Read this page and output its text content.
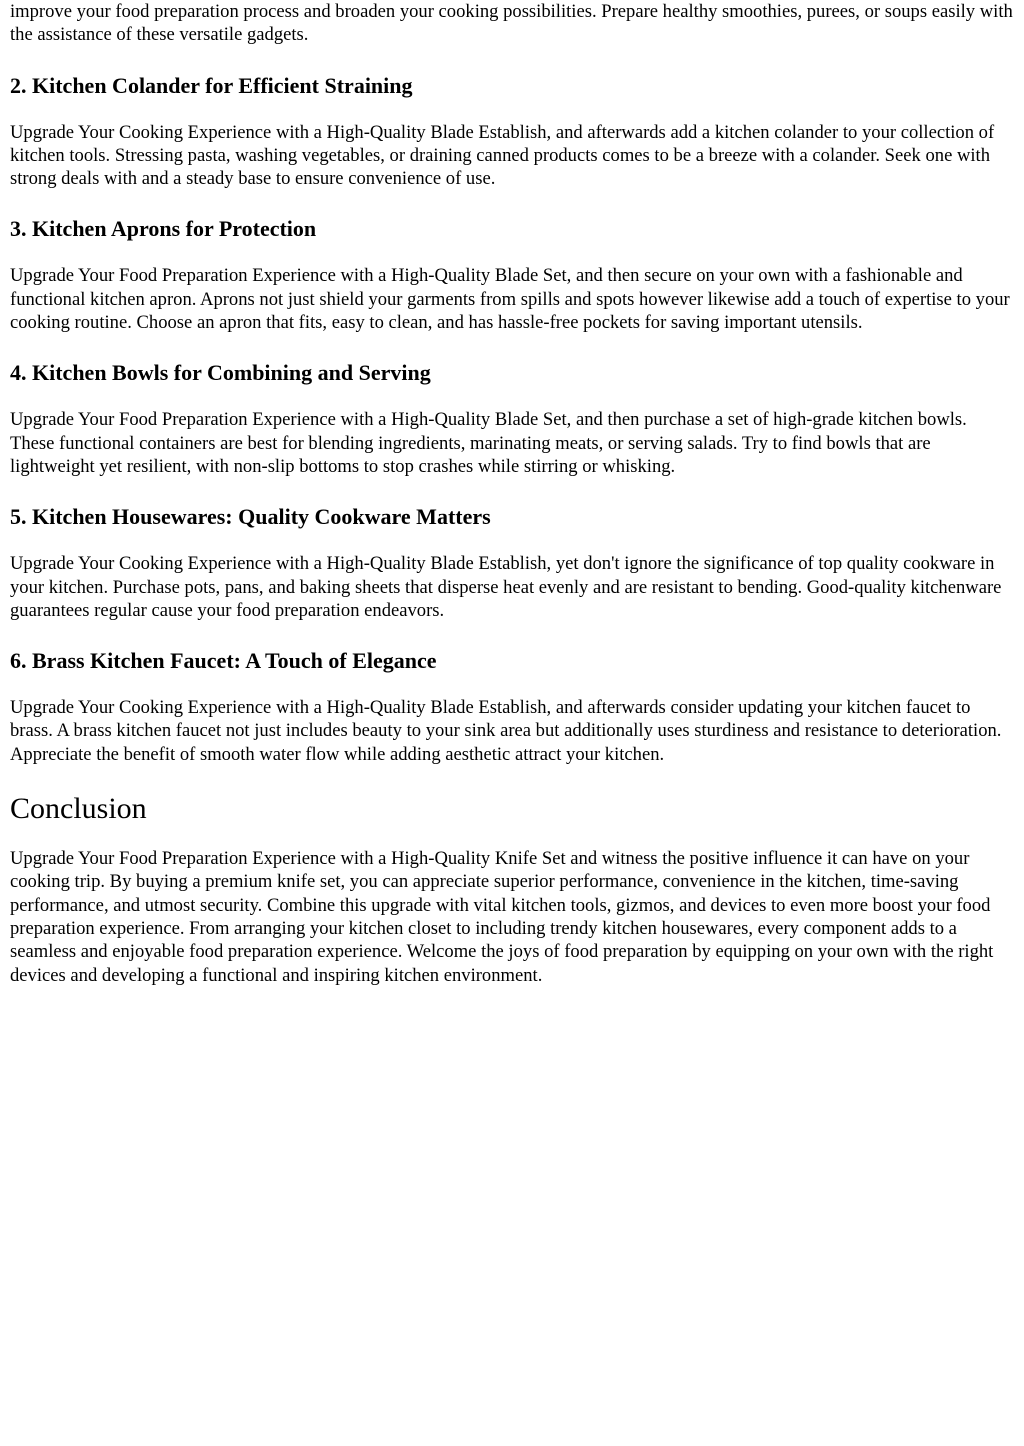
improve your food preparation process and broaden your cooking possibilities. Prepare healthy smoothies, purees, or soups easily with the assistance of these versatile gadgets.

2. Kitchen Colander for Efficient Straining

Upgrade Your Cooking Experience with a High-Quality Blade Establish, and afterwards add a kitchen colander to your collection of kitchen tools. Stressing pasta, washing vegetables, or draining canned products comes to be a breeze with a colander. Seek one with strong deals with and a steady base to ensure convenience of use.

3. Kitchen Aprons for Protection

Upgrade Your Food Preparation Experience with a High-Quality Blade Set, and then secure on your own with a fashionable and functional kitchen apron. Aprons not just shield your garments from spills and spots however likewise add a touch of expertise to your cooking routine. Choose an apron that fits, easy to clean, and has hassle-free pockets for saving important utensils.

4. Kitchen Bowls for Combining and Serving

Upgrade Your Food Preparation Experience with a High-Quality Blade Set, and then purchase a set of high-grade kitchen bowls. These functional containers are best for blending ingredients, marinating meats, or serving salads. Try to find bowls that are lightweight yet resilient, with non-slip bottoms to stop crashes while stirring or whisking.

5. Kitchen Housewares: Quality Cookware Matters

Upgrade Your Cooking Experience with a High-Quality Blade Establish, yet don't ignore the significance of top quality cookware in your kitchen. Purchase pots, pans, and baking sheets that disperse heat evenly and are resistant to bending. Good-quality kitchenware guarantees regular cause your food preparation endeavors.

6. Brass Kitchen Faucet: A Touch of Elegance

Upgrade Your Cooking Experience with a High-Quality Blade Establish, and afterwards consider updating your kitchen faucet to brass. A brass kitchen faucet not just includes beauty to your sink area but additionally uses sturdiness and resistance to deterioration. Appreciate the benefit of smooth water flow while adding aesthetic attract your kitchen.

Conclusion

Upgrade Your Food Preparation Experience with a High-Quality Knife Set and witness the positive influence it can have on your cooking trip. By buying a premium knife set, you can appreciate superior performance, convenience in the kitchen, time-saving performance, and utmost security. Combine this upgrade with vital kitchen tools, gizmos, and devices to even more boost your food preparation experience. From arranging your kitchen closet to including trendy kitchen housewares, every component adds to a seamless and enjoyable food preparation experience. Welcome the joys of food preparation by equipping on your own with the right devices and developing a functional and inspiring kitchen environment.
